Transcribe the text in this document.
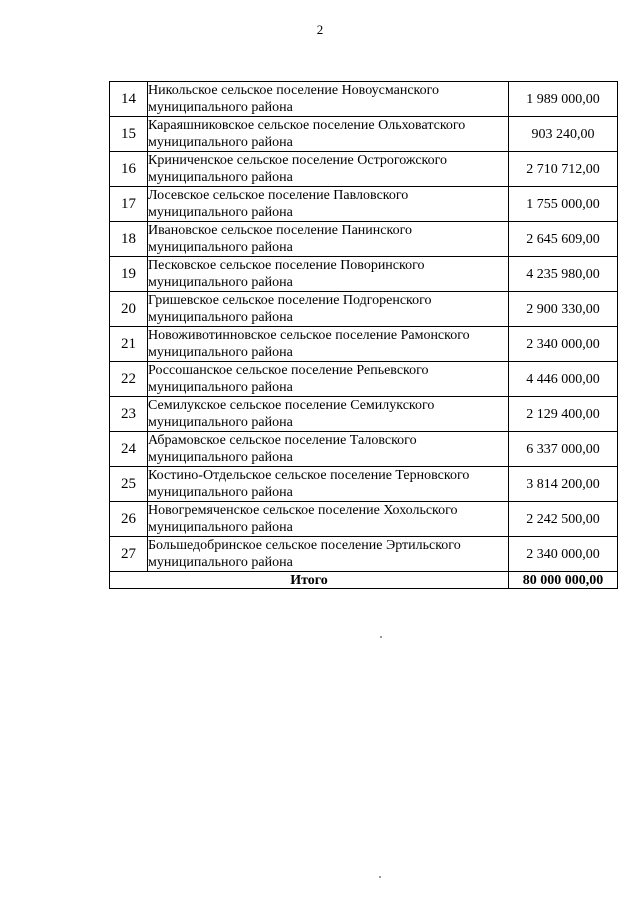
2
14	Никольское сельское поселение Новоусманского
муниципального района	1 989 000,00
15	Караяшниковское сельское поселение Ольховатского
муниципального района	903 240,00
16	Криниченское сельское поселение Острогожского
муниципального района	2 710 712,00
17	Лосевское сельское поселение Павловского
муниципального района	1 755 000,00
18	Ивановское сельское поселение Панинского
муниципального района	2 645 609,00
19	Песковское сельское поселение Поворинского
муниципального района	4 235 980,00
20	Гришевское сельское поселение Подгоренского
муниципального района	2 900 330,00
21	Новоживотинновское сельское поселение Рамонского
муниципального района	2 340 000,00
22	Россошанское сельское поселение Репьевского
муниципального района	4 446 000,00
23	Семилукское сельское поселение Семилукского
муниципального района	2 129 400,00
24	Абрамовское сельское поселение Таловского
муниципального района	6 337 000,00
25	Костино-Отдельское сельское поселение Терновского
муниципального района	3 814 200,00
26	Новогремяченское сельское поселение Хохольского
муниципального района	2 242 500,00
27	Большедобринское сельское поселение Эртильского
муниципального района	2 340 000,00
Итого		80 000 000,00
